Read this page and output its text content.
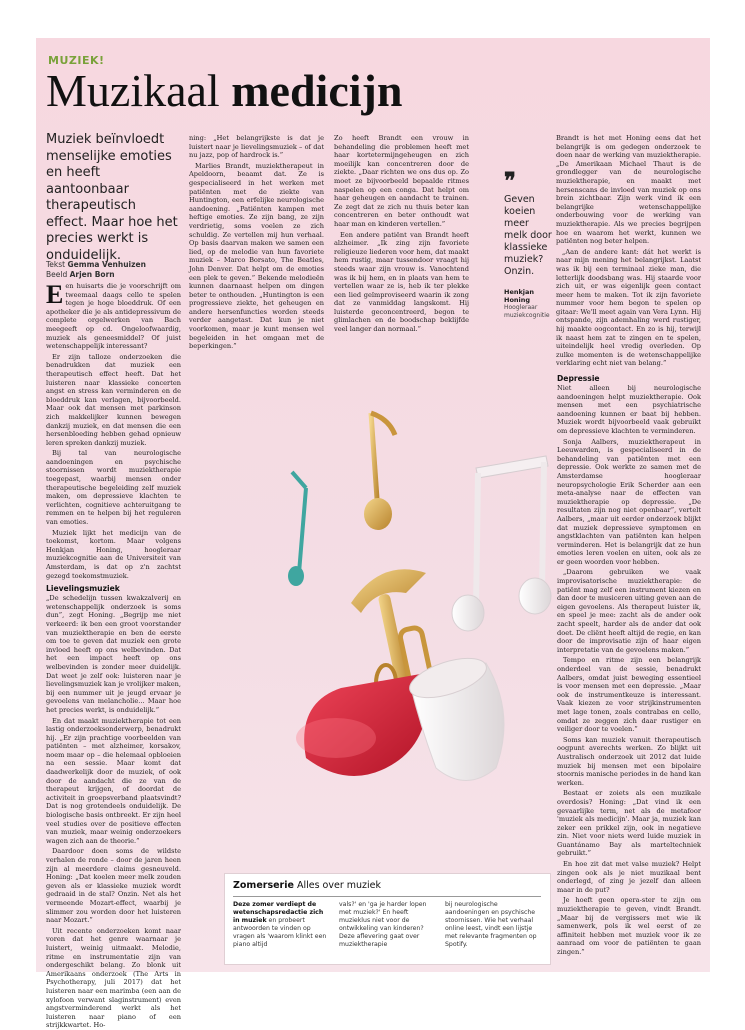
MUZIEK!
Muzikaal medicijn
Muziek beïnvloedt menselijke emoties en heeft aantoonbaar therapeutisch effect. Maar hoe het precies werkt is onduidelijk.
Tekst Gemma Venhuizen
Beeld Arjen Born

Een huisarts die je voorschrijft om tweemaal daags cello te spelen tegen je hoge bloeddruk. Of een apotheker die je als antidepressivum de complete orgelwerken van Bach meegeeft op cd. Ongeloofwaardig, muziek als geneesmiddel? Of juist wetenschappelijk interessant?

Er zijn talloze onderzoeken die benadrukken dat muziek een therapeutisch effect heeft. Dat het luisteren naar klassieke concerten angst en stress kan verminderen en de bloeddruk kan verlagen, bijvoorbeeld. Maar ook dat mensen met parkinson zich makkelijker kunnen bewegen dankzij muziek, en dat mensen die een hersenbloeding hebben gehad opnieuw leren spreken dankzij muziek.

Bij tal van neurologische aandoeningen en psychische stoornissen wordt muziektherapie toegepast, waarbij mensen onder therapeutische begeleiding zelf muziek maken, om depressieve klachten te verlichten, cognitieve achteruitgang te remmen en te helpen bij het reguleren van emoties.

Muziek lijkt het medicijn van de toekomst, kortom. Maar volgens Henkjan Honing, hoogleraar muziekcognitie aan de Universiteit van Amsterdam, is dat op z'n zachtst gezegd toekomstmuziek.

Lievelingsmuziek

„De schedelijn tussen kwakzalverij en wetenschappelijk onderzoek is soms dun”, zegt Honing. „Begrijp me niet verkeerd: ik ben een groot voorstander van muziektherapie en ben de eerste om toe te geven dat muziek een grote invloed heeft op ons welbevinden. Dat het een impact heeft op ons welbevinden is zonder meer duidelijk. Dat weet je zelf ook: luisteren naar je lievelingsmuziek kan je vrolijker maken, bij een nummer uit je jeugd ervaar je gevoelens van melancholie... Maar hoe het precies werkt, is onduidelijk.”

En dat maakt muziektherapie tot een lastig onderzoeksonderwerp, benadrukt hij. „Er zijn prachtige voorbeelden van patiënten – met alzheimer, korsakov, noem maar op – die helemaal opbloeien na een sessie. Maar komt dat daadwerkelijk door de muziek, of ook door de aandacht die ze van de therapeut krijgen, of doordat de activiteit in groepsverband plaatsvindt? Dat is nog grotendeels onduidelijk. De biologische basis ontbreekt. Er zijn heel veel studies over de positieve effecten van muziek, maar weinig onderzoekers wagen zich aan de theorie.”

Daardoor doen soms de wildste verhalen de ronde – door de jaren heen zijn al meerdere claims gesneuveld. Honing: „Dat koelen meer melk zouden geven als er klassieke muziek wordt gedraaid in de stal? Onzin. Net als het vermeende Mozart-effect, waarbij je slimmer zou worden door het luisteren naar Mozart.”

Uit recente onderzoeken komt naar voren dat het genre waarnaar je luistert, weinig uitmaakt. Melodie, ritme en instrumentatie zijn van ondergeschikt belang. Zo blonk uit Amerikaans onderzoek (The Arts in Psychotherapy, juli 2017) dat het luisteren naar een marimba (een aan de xylofoon verwant slaginstrument) even angstverminderend werkt als het luisteren naar piano of een strijkkwartet. Ho-

ning: „Het belangrijkste is dat je luistert naar je lievelingsmuziek – of dat nu jazz, pop of hardrock is.”

Marlies Brandt, muziektherapeut in Apeldoorn, beaamt dat. Ze is gespecialiseerd in het werken met patiënten met de ziekte van Huntington, een erfelijke neurologische aandoening. „Patiënten kampen met heftige emoties. Ze zijn bang, ze zijn verdrietig, soms voelen ze zich schuldig. Ze vertellen mij hun verhaal. Op basis daarvan maken we samen een lied, op de melodie van hun favoriete muziek – Marco Borsato, The Beatles, John Denver. Dat helpt om de emoties een plek te geven.” Bekende melodieën kunnen daarnaast helpen om dingen beter te onthouden. „Huntington is een progressieve ziekte, het geheugen en andere hersenfuncties worden steeds verder aangetast. Dat kun je niet voorkomen, maar je kunt mensen wel begeleiden in het omgaan met de beperkingen.”

Zo heeft Brandt een vrouw in behandeling die problemen heeft met haar kortetermijngeheugen en zich moeilijk kan concentreren door de ziekte. „Daar richten we ons dus op. Zo moet ze bijvoorbeeld bepaalde ritmes naspelen op een conga. Dat helpt om haar geheugen en aandacht te trainen. Ze zegt dat ze zich nu thuis beter kan concentreren en beter onthoudt wat haar man en kinderen vertellen.”

Een andere patiënt van Brandt heeft alzheimer. „Ik zing zijn favoriete religieuze liederen voor hem, dat maakt hem rustig, maar tussendoor vraagt hij steeds waar zijn vrouw is. Vanochtend was ik bij hem, en in plaats van hem te vertellen waar ze is, heb ik ter plekke een lied geïmproviseerd waarin ik zong dat ze vanmiddag langskomt. Hij luisterde geconcentreerd, begon te glimlachen en de boodschap beklijfde veel langer dan normaal.”

❞
Geven koeien meer melk door klassieke muziek? Onzin.
Henkjan Honing
Hoogleraar muziekcognitie

Brandt is het met Honing eens dat het belangrijk is om gedegen onderzoek te doen naar de werking van muziektherapie. „De Amerikaan Michael Thaut is de grondlegger van de neurologische muziektherapie, en maakt met hersenscans de invloed van muziek op ons brein zichtbaar. Zijn werk vind ik een belangrijke wetenschappelijke onderbouwing voor de werking van muziektherapie. Als we precies begrijpen hoe en waarom het werkt, kunnen we patiënten nog beter helpen.

„Aan de andere kant: dát het werkt is naar mijn mening het belangrijkst. Laatst was ik bij een terminaal zieke man, die letterlijk doodsbang was. Hij staarde voor zich uit, er was eigenlijk geen contact meer hem te maken. Tot ik zijn favoriete nummer voor hem begon te spelen op gitaar: We'll meet again van Vera Lynn. Hij ontspande, zijn ademhaling werd rustiger, hij maakte oogcontact. En zo is hij, terwijl ik naast hem zat te zingen en te spelen, uiteindelijk heel vredig overleden. Op zulke momenten is de wetenschappelijke verklaring echt niet van belang.”

Depressie

Niet alleen bij neurologische aandoeningen helpt muziektherapie. Ook mensen met een psychiatrische aandoening kunnen er baat bij hebben. Muziek wordt bijvoorbeeld vaak gebruikt om depressieve klachten te verminderen.

Sonja Aalbers, muziektherapeut in Leeuwarden, is gespecialiseerd in de behandeling van patiënten met een depressie. Ook werkte ze samen met de Amsterdamse hoogleraar neuropsychologie Erik Scherder aan een meta-analyse naar de effecten van muziektherapie op depressie. „De resultaten zijn nog niet openbaar”, vertelt Aalbers, „maar uit eerder onderzoek blijkt dat muziek depressieve symptomen en angstklachten van patiënten kan helpen verminderen. Het is belangrijk dat ze hun emoties leren voelen en uiten, ook als ze er geen woorden voor hebben.

„Daarom gebruiken we vaak improvisatorische muziektherapie: de patiënt mag zelf een instrument kiezen en dan door te musiceren uiting geven aan de eigen gevoelens. Als therapeut luister ik, en speel je mee: zacht als de ander ook zacht speelt, harder als de ander dat ook doet. De cliënt heeft altijd de regie, en kan door de improvisatie zijn of haar eigen interpretatie van de gevoelens maken.”

Tempo en ritme zijn een belangrijk onderdeel van de sessie, benadrukt Aalbers, omdat juist beweging essentieel is voor mensen met een depressie. „Maar ook de instrumentkeuze is interessant. Vaak kiezen ze voor strijkinstrumenten met lage tonen, zoals contrabas en cello, omdat ze zeggen zich daar rustiger en veiliger door te voelen.”

Soms kan muziek vanuit therapeutisch oogpunt averechts werken. Zo blijkt uit Australisch onderzoek uit 2012 dat luide muziek bij mensen met een bipolaire stoornis manische periodes in de hand kan werken.

Bestaat er zoiets als een muzikale overdosis? Honing: „Dat vind ik een gevaarlijke term, net als de metafoor 'muziek als medicijn'. Maar ja, muziek kan zeker een prikkel zijn, ook in negatieve zin. Niet voor niets werd luide muziek in Guantánamo Bay als marteltechniek gebruikt.”

En hoe zit dat met valse muziek? Helpt zingen ook als je niet muzikaal bent onderlegd, of zing je jezelf dan alleen maar in de put?

Je hoeft geen opera-ster te zijn om muziektherapie te geven, vindt Brandt. „Maar bij de vergissers met wie ik samenwerk, pols ik wel eerst of ze affiniteit hebben met muziek voor ik ze aanraad om voor de patiënten te gaan zingen.”

Zomerserie Alles over muziek
Deze zomer verdiept de wetenschapsredactie zich in muziek en probeert antwoorden te vinden op vragen als 'waarom klinkt een piano altijd
vals?' en 'ga je harder lopen met muziek?' En heeft muzieklus niet voor de ontwikkeling van kinderen? Deze aflevering gaat over muziektherapie
bij neurologische aandoeningen en psychische stoornissen. Wie het verhaal online leest, vindt een lijstje met relevante fragmenten op Spotify.
